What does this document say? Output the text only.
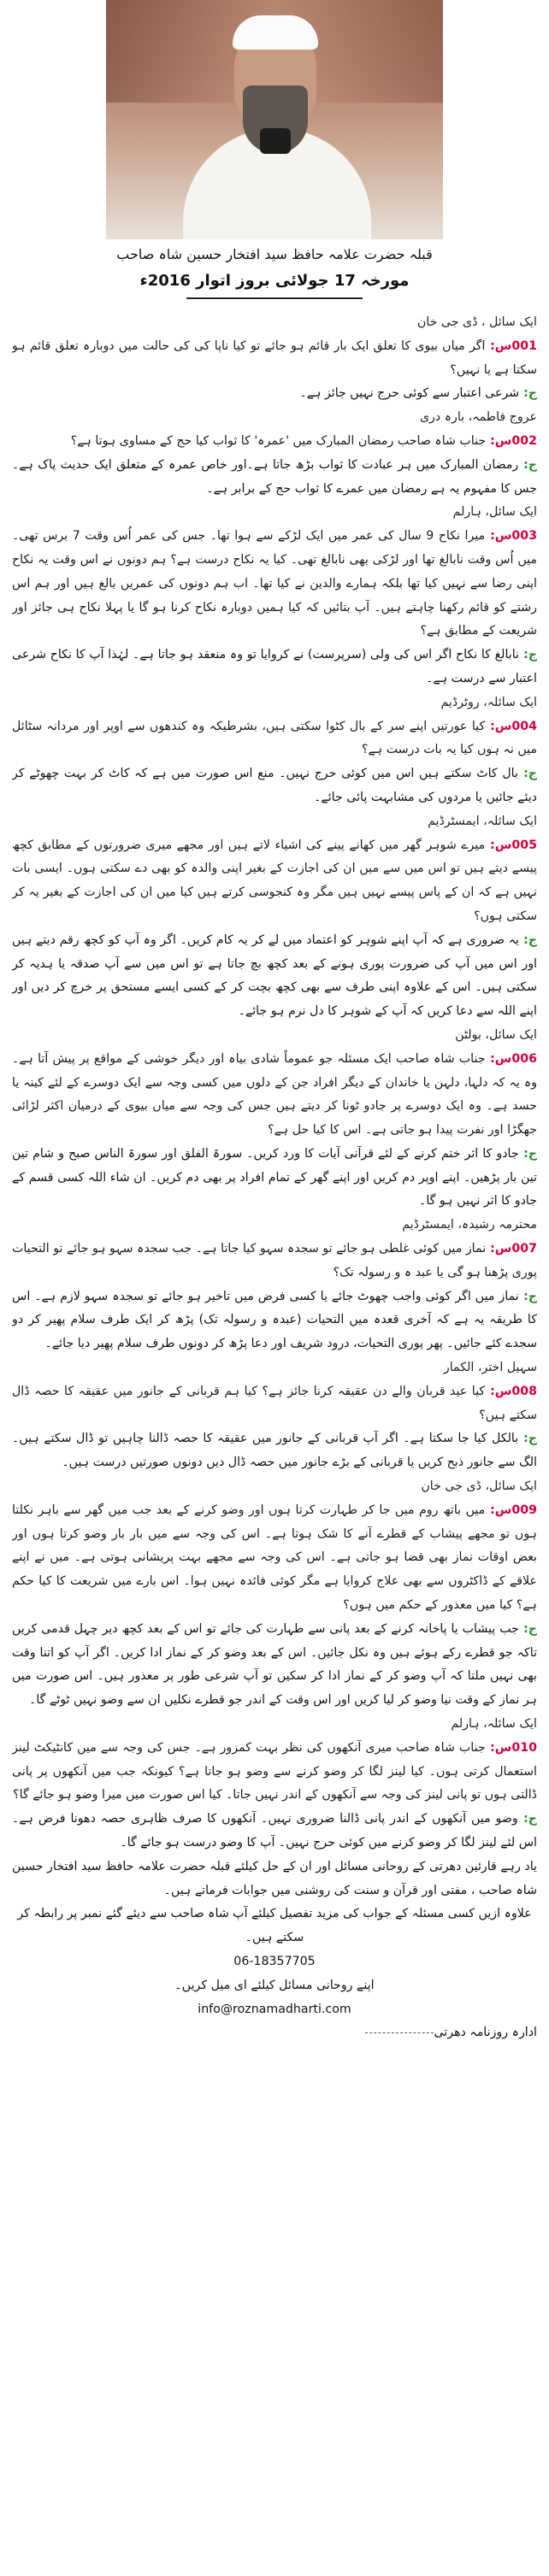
قبلہ حضرت علامہ حافظ سید افتخار حسین شاہ صاحب
مورخہ 17 جولائی بروز اتوار 2016ء

ایک سائل ، ڈی جی خان

001س: اگر میاں بیوی کا تعلق ایک بار قائم ہو جائے تو کیا ناپا کی کی حالت میں دوبارہ تعلق قائم ہو سکتا ہے یا نہیں؟

ج: شرعی اعتبار سے کوئی حرج نہیں جائز ہے۔

عروج فاطمہ، بارہ دری

002س: جناب شاہ صاحب رمضان المبارک میں 'عمرہ' کا ثواب کیا حج کے مساوی ہوتا ہے؟

ج: رمضان المبارک میں ہر عبادت کا ثواب بڑھ جاتا ہے۔اور خاص عمرہ کے متعلق ایک حدیث پاک ہے۔جس کا مفہوم یہ ہے رمضان میں عمرے کا ثواب حج کے برابر ہے۔

ایک سائل، ہارلم

003س: میرا نکاح 9 سال کی عمر میں ایک لڑکے سے ہوا تھا۔ جس کی عمر اُس وقت 7 برس تھی۔ میں اُس وقت نابالغ تھا اور لڑکی بھی نابالغ تھی۔ کیا یہ نکاح درست ہے؟ ہم دونوں نے اس وقت یہ نکاح اپنی رضا سے نہیں کیا تھا بلکہ ہمارے والدین نے کیا تھا۔ اب ہم دونوں کی عمریں بالغ ہیں اور ہم اس رشتے کو قائم رکھنا چاہتے ہیں۔ آپ بتائیں کہ کیا ہمیں دوبارہ نکاح کرنا ہو گا یا پہلا نکاح ہی جائز اور شریعت کے مطابق ہے؟

ج: نابالغ کا نکاح اگر اس کی ولی (سرپرست) نے کروایا تو وہ منعقد ہو جاتا ہے۔ لہٰذا آپ کا نکاح شرعی اعتبار سے درست ہے۔

ایک سائلہ، روٹرڈیم

004س: کیا عورتیں اپنے سر کے بال کٹوا سکتی ہیں، بشرطیکہ وہ کندھوں سے اوپر اور مردانہ سٹائل میں نہ ہوں کیا یہ بات درست ہے؟

ج: بال کاٹ سکتے ہیں اس میں کوئی حرج نہیں۔ منع اس صورت میں ہے کہ کاٹ کر بہت چھوٹے کر دیئے جائیں یا مردوں کی مشابہت پائی جائے۔

ایک سائلہ، ایمسٹرڈیم

005س: میرے شوہر گھر میں کھانے پینے کی اشیاء لاتے ہیں اور مجھے میری ضرورتوں کے مطابق کچھ پیسے دیتے ہیں تو اس میں سے میں ان کی اجازت کے بغیر اپنی والدہ کو بھی دے سکتی ہوں۔ ایسی بات نہیں ہے کہ ان کے پاس پیسے نہیں ہیں مگر وہ کنجوسی کرتے ہیں کیا میں ان کی اجازت کے بغیر یہ کر سکتی ہوں؟

ج: یہ ضروری ہے کہ آپ اپنے شوہر کو اعتماد میں لے کر یہ کام کریں۔ اگر وہ آپ کو کچھ رقم دیتے ہیں اور اس میں آپ کی ضرورت پوری ہونے کے بعد کچھ بچ جاتا ہے تو اس میں سے آپ صدقہ یا ہدیہ کر سکتی ہیں۔ اس کے علاوہ اپنی طرف سے بھی کچھ بچت کر کے کسی ایسے مستحق پر خرچ کر دیں اور اپنے اللہ سے دعا کریں کہ آپ کے شوہر کا دل نرم ہو جائے۔

ایک سائل، بولٹن

006س: جناب شاہ صاحب ایک مسئلہ جو عموماً شادی بیاہ اور دیگر خوشی کے مواقع پر پیش آتا ہے۔ وہ یہ کہ دلہا، دلہن یا خاندان کے دیگر افراد جن کے دلوں میں کسی وجہ سے ایک دوسرے کے لئے کینہ یا حسد ہے۔ وہ ایک دوسرے پر جادو ٹونا کر دیتے ہیں جس کی وجہ سے میاں بیوی کے درمیان اکثر لڑائی جھگڑا اور نفرت پیدا ہو جاتی ہے۔ اس کا کیا حل ہے؟

ج: جادو کا اثر ختم کرنے کے لئے قرآنی آیات کا ورد کریں۔ سورۃ الفلق اور سورۃ الناس صبح و شام تین تین بار پڑھیں۔ اپنے اوپر دم کریں اور اپنے گھر کے تمام افراد پر بھی دم کریں۔ ان شاء اللہ کسی قسم کے جادو کا اثر نہیں ہو گا۔

محترمہ رشیدہ، ایمسٹرڈیم

007س: نماز میں کوئی غلطی ہو جائے تو سجدہ سہو کیا جاتا ہے۔ جب سجدہ سہو ہو جائے تو التحیات پوری پڑھنا ہو گی یا عبد ہ و رسولہ تک؟

ج: نماز میں اگر کوئی واجب چھوٹ جائے یا کسی فرض میں تاخیر ہو جائے تو سجدہ سہو لازم ہے۔ اس کا طریقہ یہ ہے کہ آخری قعدہ میں التحیات (عبدہ و رسولہ تک) پڑھ کر ایک طرف سلام پھیر کر دو سجدے کئے جائیں۔ پھر پوری التحیات، درود شریف اور دعا پڑھ کر دونوں طرف سلام پھیر دیا جائے۔

سہیل اختر، الکمار

008س: کیا عید قربان والے دن عقیقہ کرنا جائز ہے؟ کیا ہم قربانی کے جانور میں عقیقہ کا حصہ ڈال سکتے ہیں؟

ج: بالکل کیا جا سکتا ہے۔ اگر آپ قربانی کے جانور میں عقیقہ کا حصہ ڈالنا چاہیں تو ڈال سکتے ہیں۔ الگ سے جانور ذبح کریں یا قربانی کے بڑے جانور میں حصہ ڈال دیں دونوں صورتیں درست ہیں۔

ایک سائل، ڈی جی خان

009س: میں باتھ روم میں جا کر طہارت کرتا ہوں اور وضو کرنے کے بعد جب میں گھر سے باہر نکلتا ہوں تو مجھے پیشاب کے قطرے آنے کا شک ہوتا ہے۔ اس کی وجہ سے میں بار بار وضو کرتا ہوں اور بعض اوقات نماز بھی قضا ہو جاتی ہے۔ اس کی وجہ سے مجھے بہت پریشانی ہوتی ہے۔ میں نے اپنے علاقے کے ڈاکٹروں سے بھی علاج کروایا ہے مگر کوئی فائدہ نہیں ہوا۔ اس بارے میں شریعت کا کیا حکم ہے؟ کیا میں معذور کے حکم میں ہوں؟

ج: جب پیشاب یا پاخانہ کرنے کے بعد پانی سے طہارت کی جائے تو اس کے بعد کچھ دیر چہل قدمی کریں تاکہ جو قطرے رکے ہوئے ہیں وہ نکل جائیں۔ اس کے بعد وضو کر کے نماز ادا کریں۔ اگر آپ کو اتنا وقت بھی نہیں ملتا کہ آپ وضو کر کے نماز ادا کر سکیں تو آپ شرعی طور پر معذور ہیں۔ اس صورت میں ہر نماز کے وقت نیا وضو کر لیا کریں اور اس وقت کے اندر جو قطرے نکلیں ان سے وضو نہیں ٹوٹے گا۔

ایک سائلہ، ہارلم

010س: جناب شاہ صاحب میری آنکھوں کی نظر بہت کمزور ہے۔ جس کی وجہ سے میں کانٹیکٹ لینز استعمال کرتی ہوں۔ کیا لینز لگا کر وضو کرنے سے وضو ہو جاتا ہے؟ کیونکہ جب میں آنکھوں پر پانی ڈالتی ہوں تو پانی لینز کی وجہ سے آنکھوں کے اندر نہیں جاتا۔ کیا اس صورت میں میرا وضو ہو جائے گا؟

ج: وضو میں آنکھوں کے اندر پانی ڈالنا ضروری نہیں۔ آنکھوں کا صرف ظاہری حصہ دھونا فرض ہے۔ اس لئے لینز لگا کر وضو کرنے میں کوئی حرج نہیں۔ آپ کا وضو درست ہو جائے گا۔

یاد رہے قارئین دھرتی کے روحانی مسائل اور ان کے حل کیلئے قبلہ حضرت علامہ حافظ سید افتخار حسین شاہ صاحب ، مفتی اور قرآن و سنت کی روشنی میں جوابات فرماتے ہیں۔

علاوہ ازیں کسی مسئلہ کے جواب کی مزید تفصیل کیلئے آپ شاہ صاحب سے دیئے گئے نمبر پر رابطہ کر سکتے ہیں۔

06-18357705

اپنے روحانی مسائل کیلئے ای میل کریں۔

info@roznamadharti.com

ادارہ روزنامہ دھرتی
